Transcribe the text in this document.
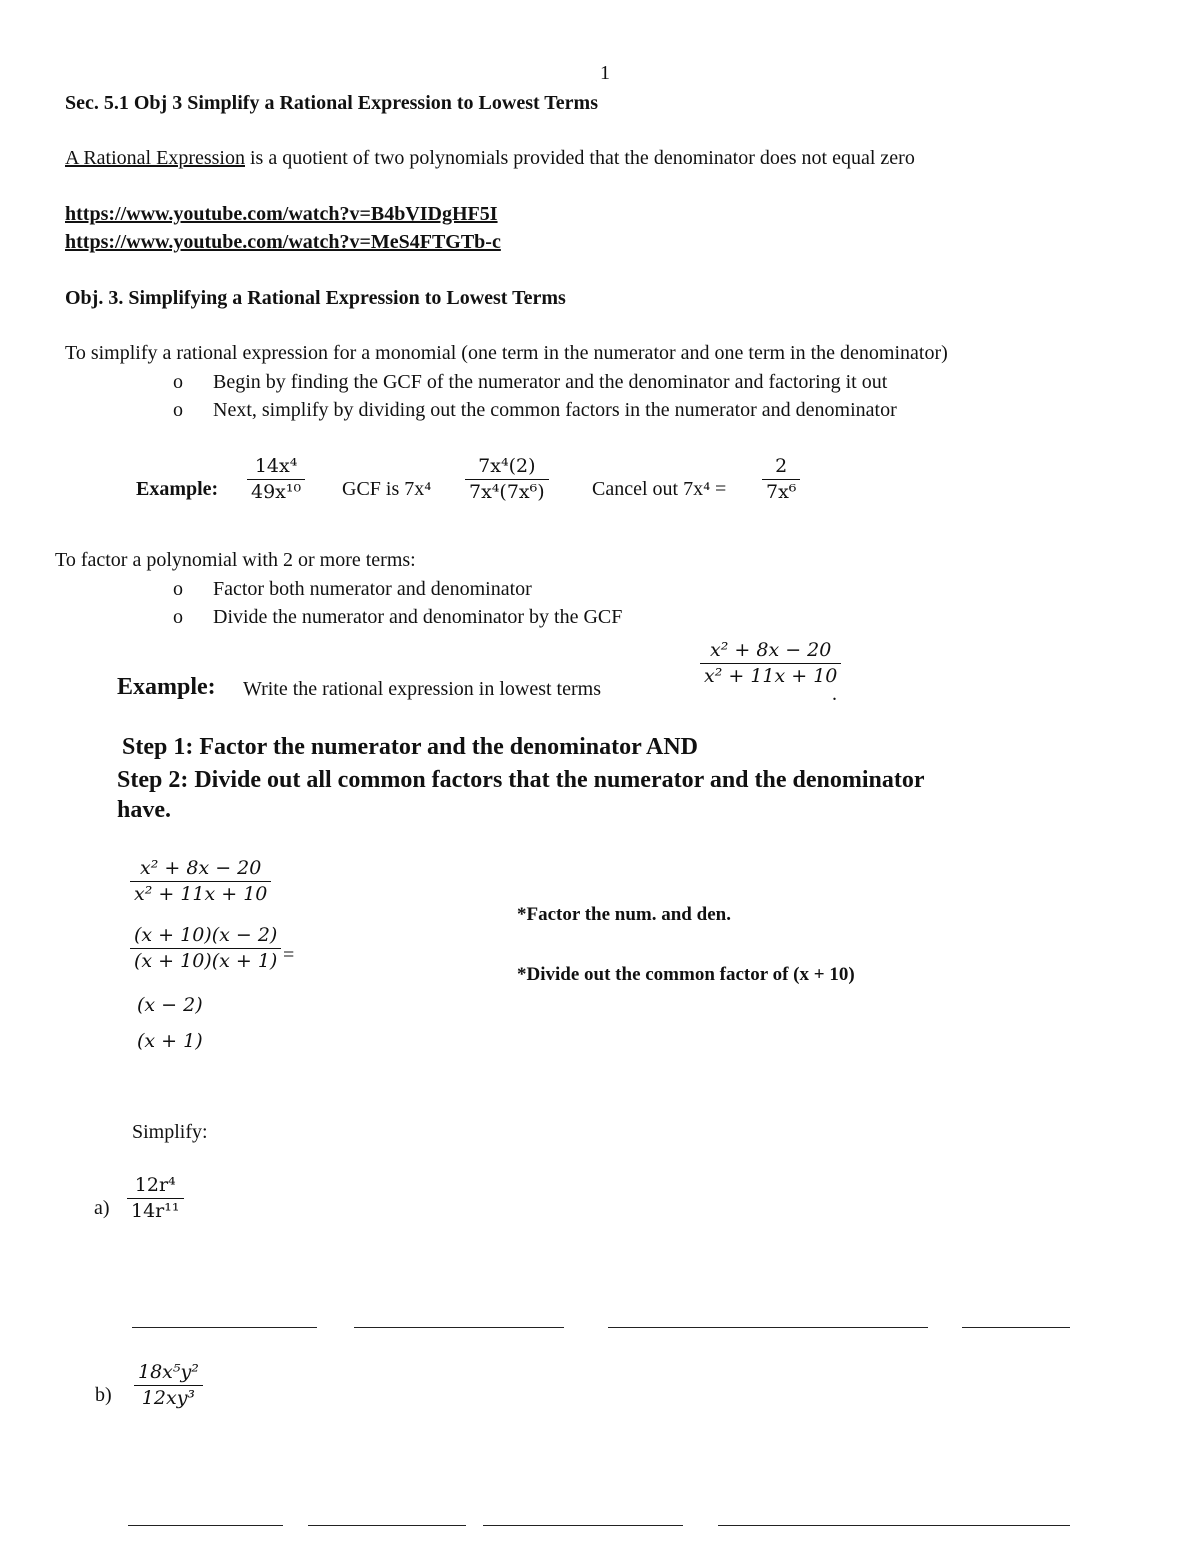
1
Sec. 5.1 Obj 3 Simplify a Rational Expression to Lowest Terms
A Rational Expression is a quotient of two polynomials provided that the denominator does not equal zero
https://www.youtube.com/watch?v=B4bVIDgHF5I
https://www.youtube.com/watch?v=MeS4FTGTb-c
Obj. 3. Simplifying a Rational Expression to Lowest Terms
To simplify a rational expression for a monomial (one term in the numerator and one term in the denominator)
o Begin by finding the GCF of the numerator and the denominator and factoring it out
o Next, simplify by dividing out the common factors in the numerator and denominator
Example:
14x⁴
49x¹⁰ GCF is 7x⁴
7x⁴(2)
7x⁴(7x⁶) Cancel out 7x⁴ =
2
7x⁶
To factor a polynomial with 2 or more terms:
o Factor both numerator and denominator
o Divide the numerator and denominator by the GCF
Example: Write the rational expression in lowest terms
x² + 8x − 20
x² + 11x + 10
.
Step 1: Factor the numerator and the denominator AND
Step 2: Divide out all common factors that the numerator and the denominator
have.
x² + 8x − 20
x² + 11x + 10
(x + 10)(x − 2)
(x + 10)(x + 1) =
(x − 2)
(x + 1)
*Factor the num. and den.
*Divide out the common factor of (x + 10)
Simplify:
a)
12r⁴
14r¹¹
b)
18x⁵y²
12xy³
